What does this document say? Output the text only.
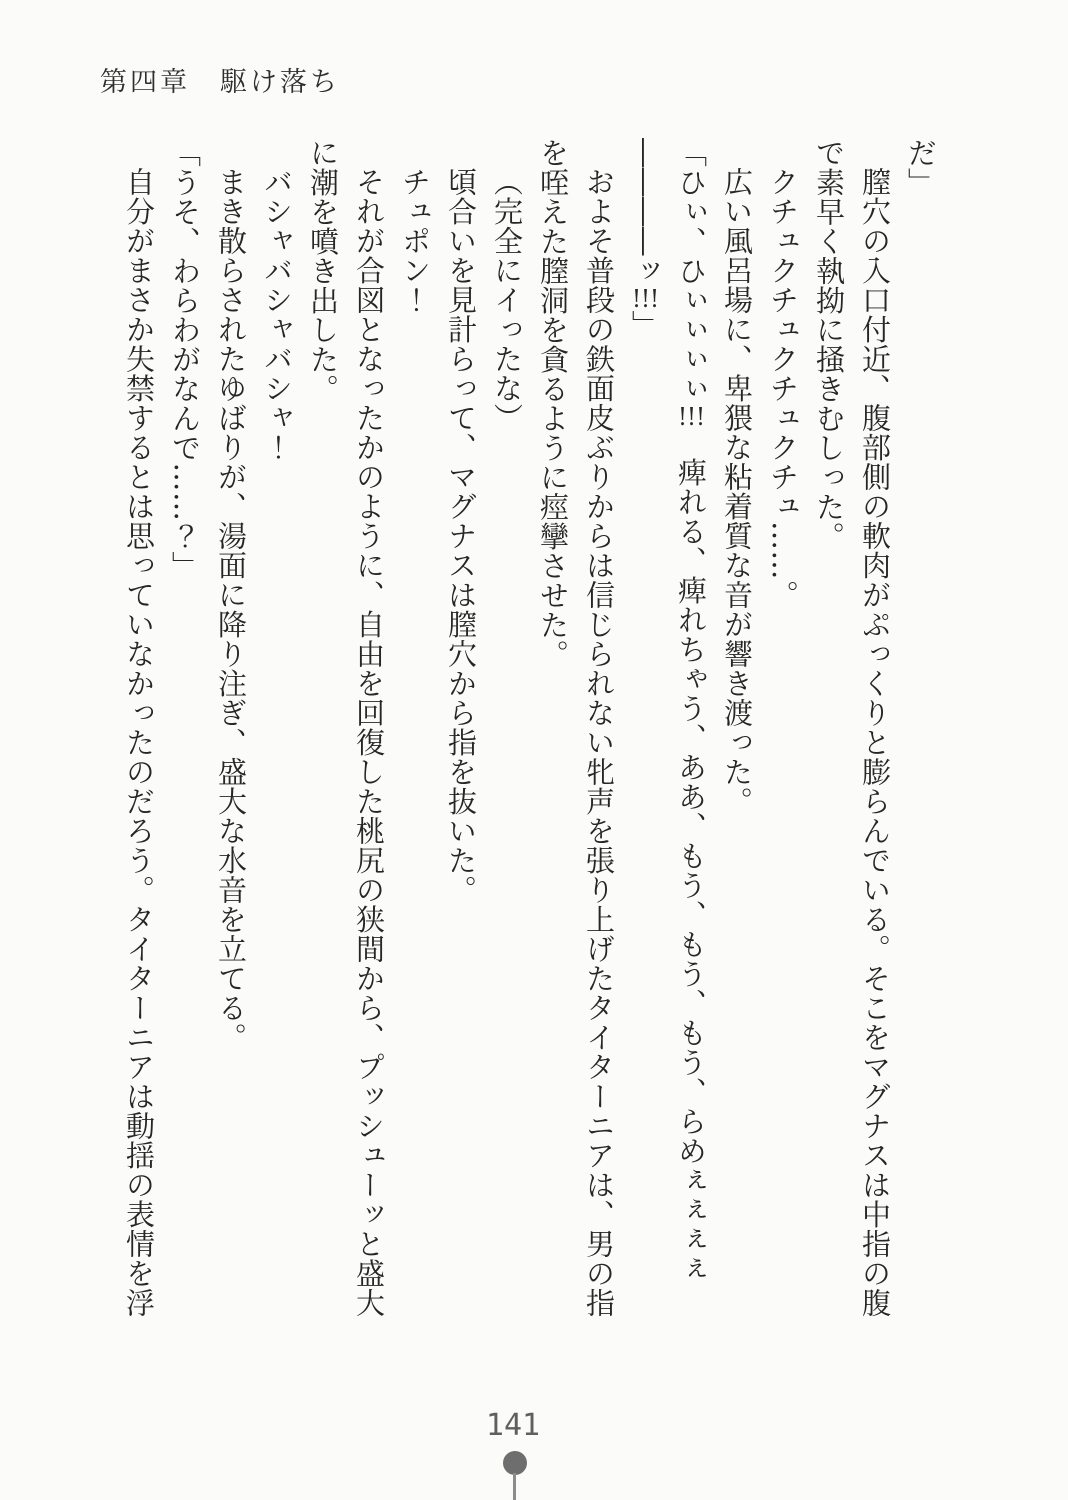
第四章　駆け落ち
だ」
膣穴の入口付近、腹部側の軟肉がぷっくりと膨らんでいる。そこをマグナスは中指の腹
で素早く執拗に掻きむしった。
クチュクチュクチュクチュ……。
広い風呂場に、卑猥な粘着質な音が響き渡った。
「ひぃ、ひぃぃぃぃ!!!　痺れる、痺れちゃう、ああ、もう、もう、もう、らめぇぇぇぇ
――――ッ!!!」
およそ普段の鉄面皮ぶりからは信じられない牝声を張り上げたタイターニアは、男の指
を咥えた膣洞を貪るように痙攣させた。
（完全にイったな）
頃合いを見計らって、マグナスは膣穴から指を抜いた。
チュポン！
それが合図となったかのように、自由を回復した桃尻の狭間から、プッシューッと盛大
に潮を噴き出した。
バシャバシャバシャ！
まき散らされたゆばりが、湯面に降り注ぎ、盛大な水音を立てる。
「うそ、わらわがなんで……？」
自分がまさか失禁するとは思っていなかったのだろう。タイターニアは動揺の表情を浮
141
